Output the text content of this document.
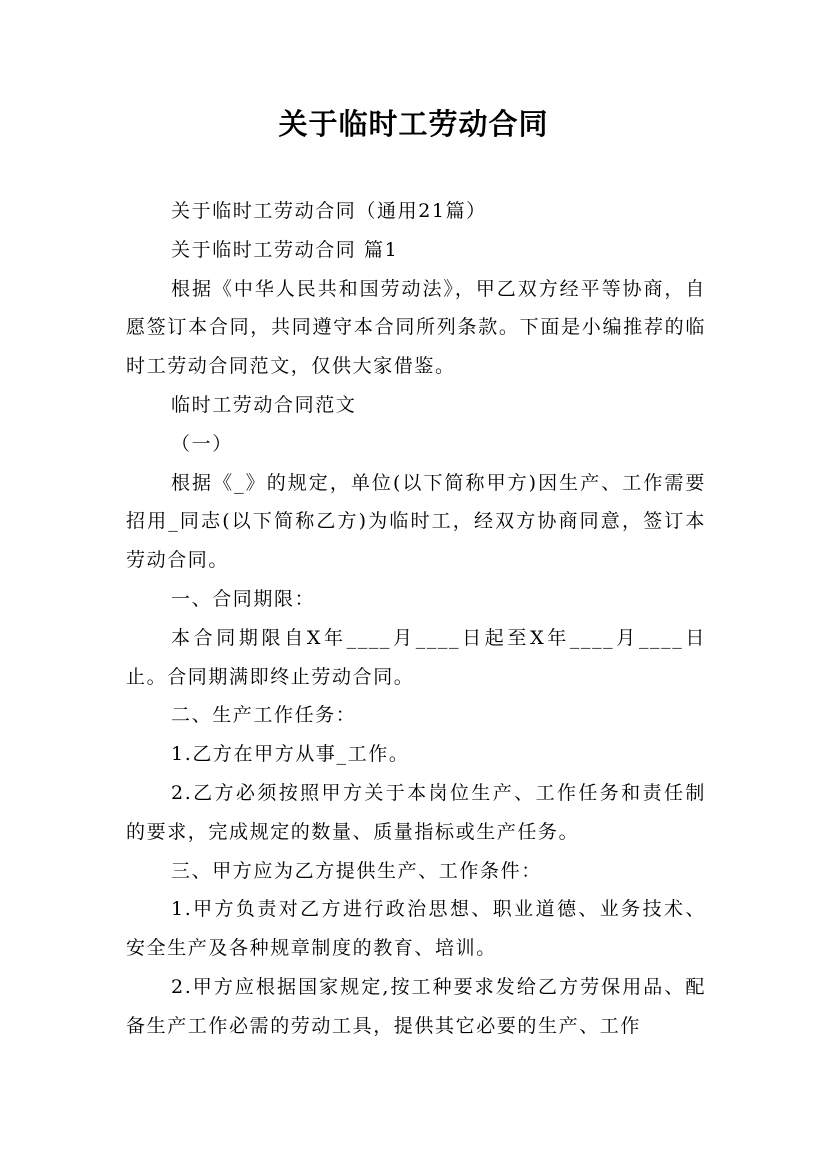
关于临时工劳动合同

关于临时工劳动合同（通用21篇）

关于临时工劳动合同 篇1

根据《中华人民共和国劳动法》，甲乙双方经平等协商，自愿签订本合同，共同遵守本合同所列条款。下面是小编推荐的临时工劳动合同范文，仅供大家借鉴。

临时工劳动合同范文

（一）

根据《_》的规定，单位(以下简称甲方)因生产、工作需要招用_同志(以下简称乙方)为临时工，经双方协商同意，签订本劳动合同。

一、合同期限：

本合同期限自X年____月____日起至X年____月____日止。合同期满即终止劳动合同。

二、生产工作任务：

1.乙方在甲方从事_工作。

2.乙方必须按照甲方关于本岗位生产、工作任务和责任制的要求，完成规定的数量、质量指标或生产任务。

三、甲方应为乙方提供生产、工作条件：

1.甲方负责对乙方进行政治思想、职业道德、业务技术、安全生产及各种规章制度的教育、培训。

2.甲方应根据国家规定,按工种要求发给乙方劳保用品、配备生产工作必需的劳动工具，提供其它必要的生产、工作
